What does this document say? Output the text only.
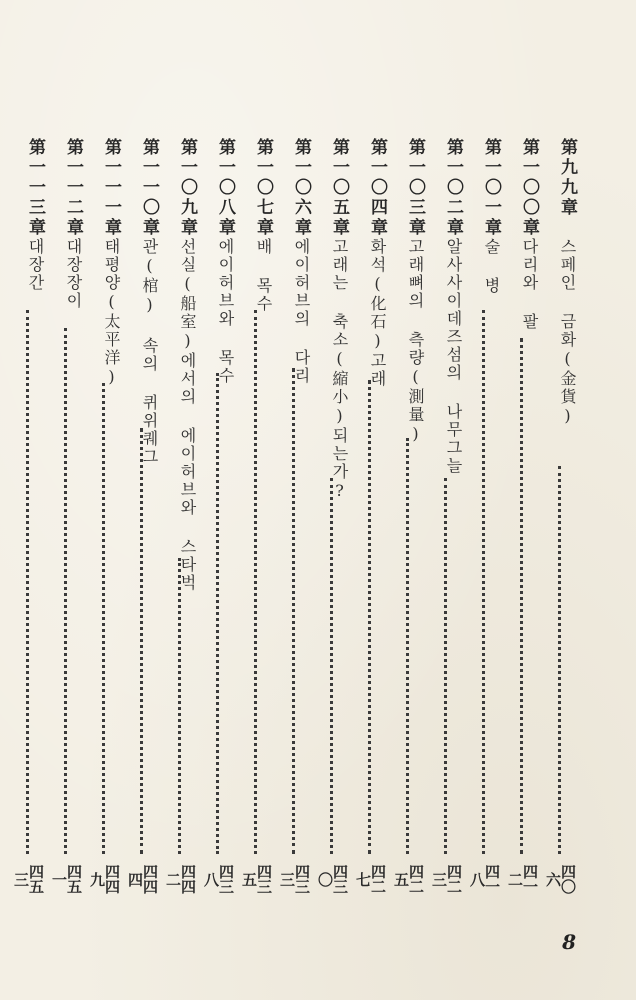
第九九章
스페인 금화(金貨)
四〇六
第一〇〇章
다리와 팔
四一二
第一〇一章
술 병
四一八
第一〇二章
알사사이데즈섬의 나무그늘
四二三
第一〇三章
고래뼈의 측량(測量)
四二五
第一〇四章
화석(化石)고래
四二七
第一〇五章
고래는 축소(縮小)되는가?
四三〇
第一〇六章
에이허브의 다리
四三三
第一〇七章
배 목수
四三五
第一〇八章
에이허브와 목수
四三八
第一〇九章
선실(船室)에서의 에이허브와 스타벅
四四二
第一一〇章
관(棺) 속의 퀴위퀘그
四四四
第一一一章
태평양(太平洋)
四四九
第一一二章
대장장이
四五一
第一一三章
대장간
四五三
8
